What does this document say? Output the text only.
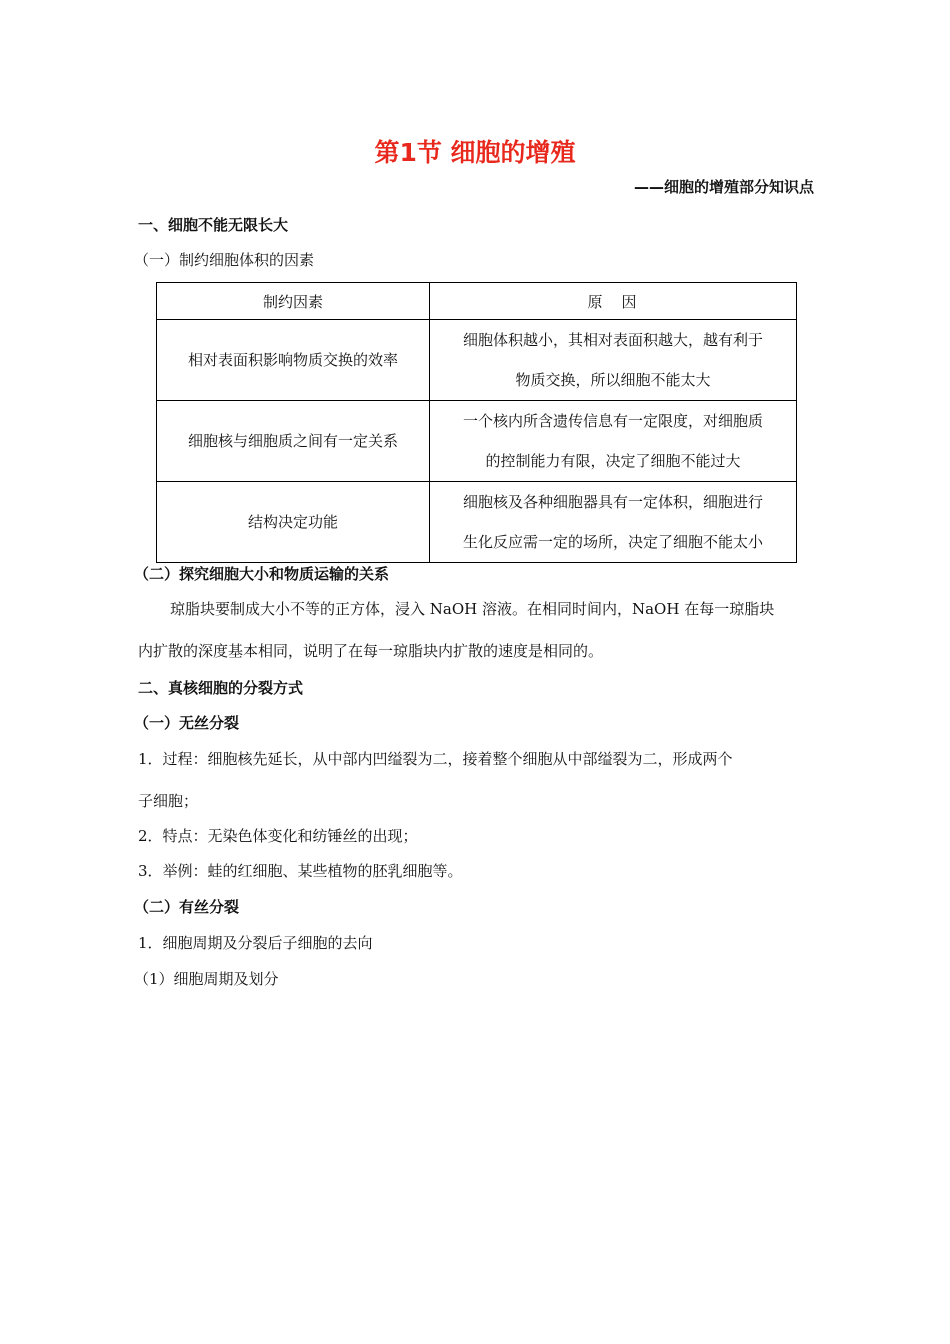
第1节 细胞的增殖
——细胞的增殖部分知识点
一、细胞不能无限长大
（一）制约细胞体积的因素
制约因素	原　因
相对表面积影响物质交换的效率	细胞体积越小，其相对表面积越大，越有利于
物质交换，所以细胞不能太大

细胞核与细胞质之间有一定关系	一个核内所含遗传信息有一定限度，对细胞质
的控制能力有限，决定了细胞不能过大

结构决定功能	细胞核及各种细胞器具有一定体积，细胞进行
生化反应需一定的场所，决定了细胞不能太小
（二）探究细胞大小和物质运输的关系
琼脂块要制成大小不等的正方体，浸入 NaOH 溶液。在相同时间内，NaOH 在每一琼脂块
内扩散的深度基本相同，说明了在每一琼脂块内扩散的速度是相同的。
二、真核细胞的分裂方式
（一）无丝分裂
1．过程：细胞核先延长，从中部内凹缢裂为二，接着整个细胞从中部缢裂为二，形成两个
子细胞；
2．特点：无染色体变化和纺锤丝的出现；
3．举例：蛙的红细胞、某些植物的胚乳细胞等。
（二）有丝分裂
1．细胞周期及分裂后子细胞的去向
（1）细胞周期及划分
